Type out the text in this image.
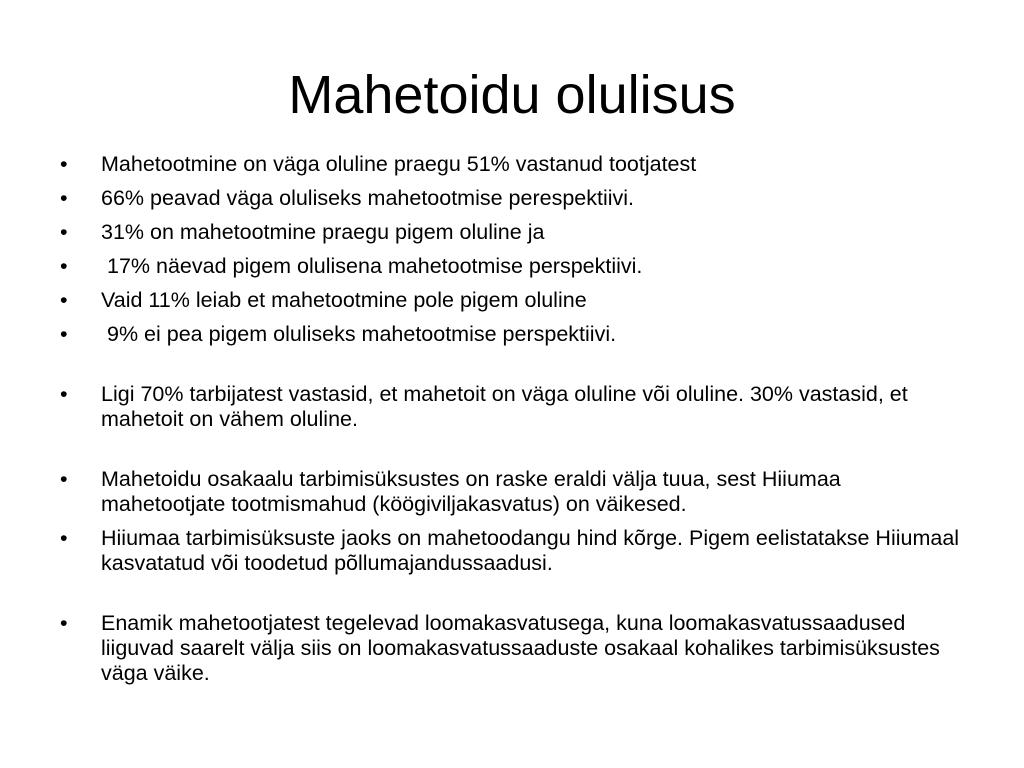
Mahetoidu olulisus
•	Mahetootmine on väga oluline praegu 51% vastanud tootjatest
•	66% peavad väga oluliseks mahetootmise perespektiivi.
•	31% on mahetootmine praegu pigem oluline ja
•	17% näevad pigem olulisena mahetootmise perspektiivi.
•	Vaid 11% leiab et mahetootmine pole pigem oluline
•	9% ei pea pigem oluliseks mahetootmise perspektiivi.
•	Ligi 70% tarbijatest vastasid, et mahetoit on väga oluline või oluline. 30% vastasid, et mahetoit on vähem oluline.
•	Mahetoidu osakaalu tarbimisüksustes on raske eraldi välja tuua, sest Hiiumaa mahetootjate tootmismahud (köögiviljakasvatus) on väikesed.
•	Hiiumaa tarbimisüksuste jaoks on mahetoodangu hind kõrge. Pigem eelistatakse Hiiumaal kasvatatud või toodetud põllumajandussaadusi.
•	Enamik mahetootjatest tegelevad loomakasvatusega, kuna loomakasvatussaadused liiguvad saarelt välja siis on loomakasvatussaaduste osakaal kohalikes tarbimisüksustes väga väike.
